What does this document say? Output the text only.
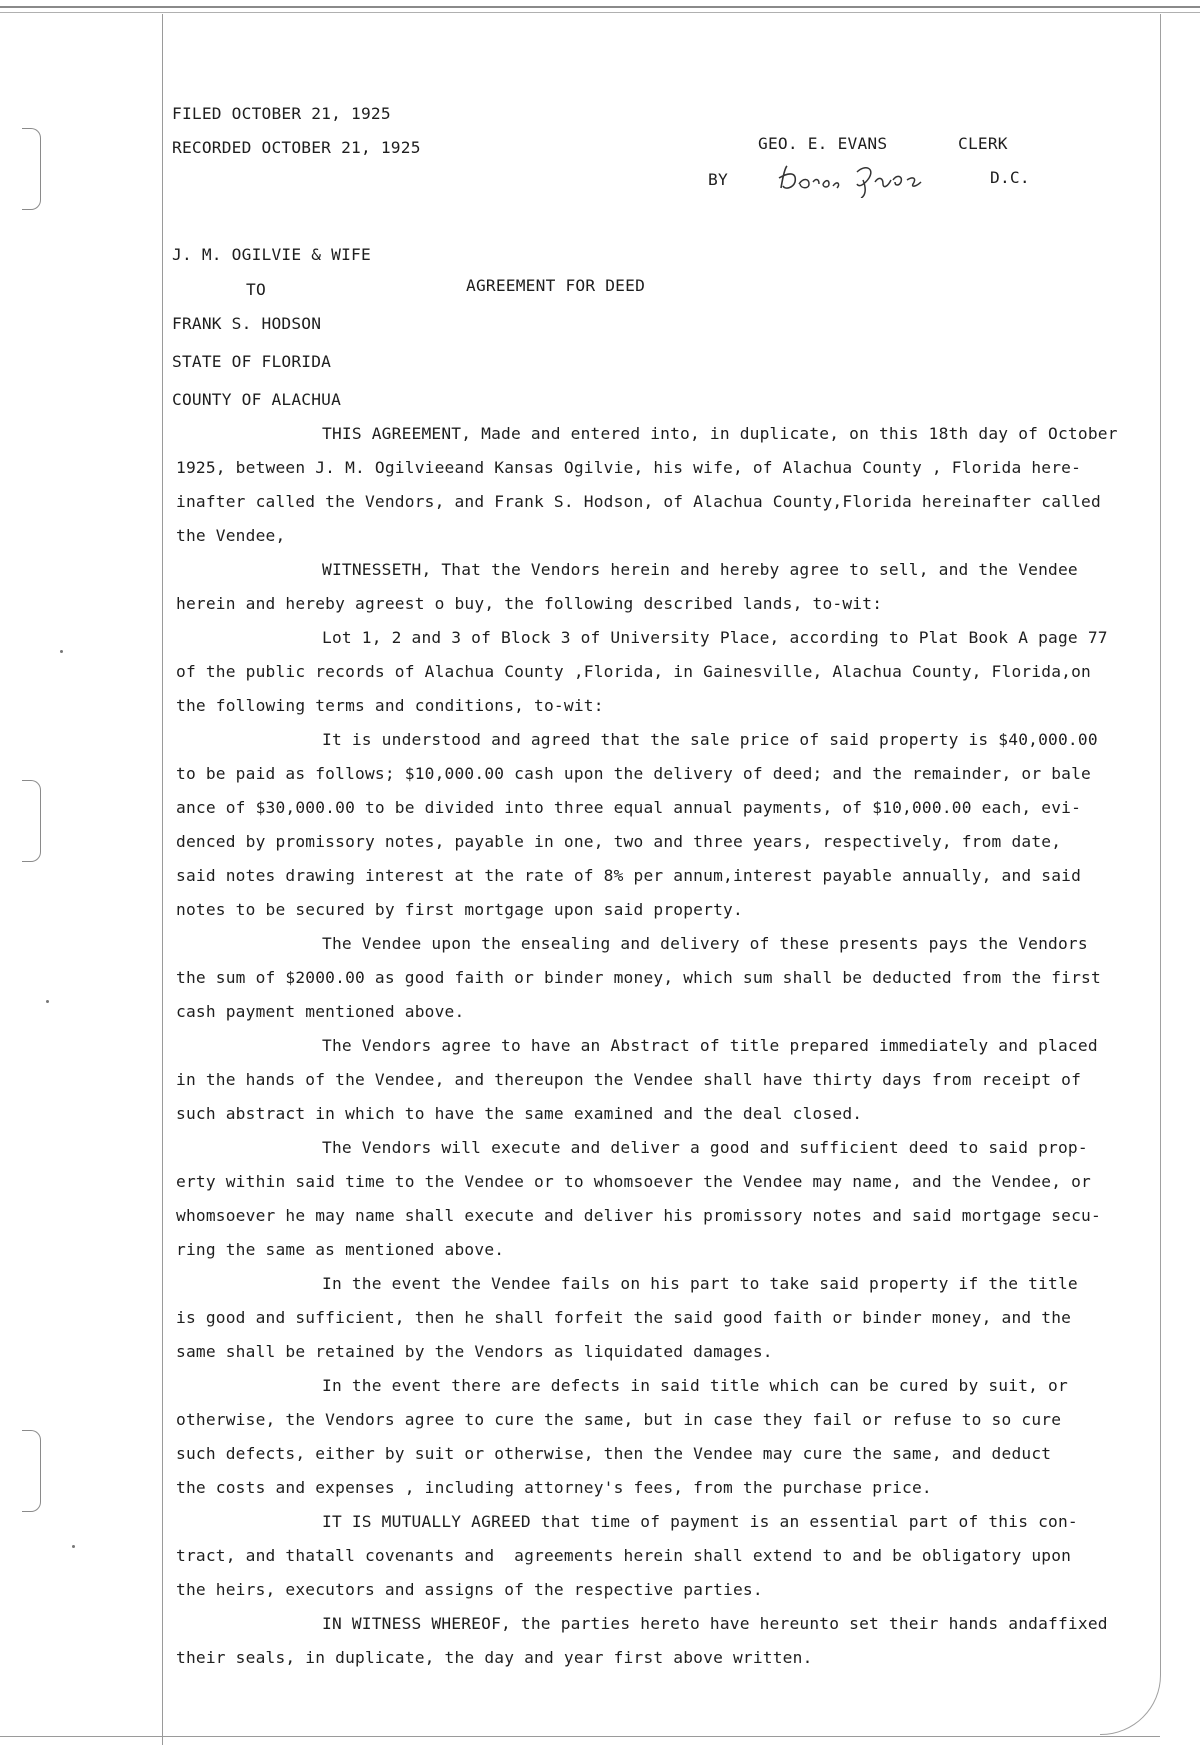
FILED OCTOBER 21, 1925
RECORDED OCTOBER 21, 1925	GEO. E. EVANS	CLERK
BY	D.C.
J. M. OGILVIE & WIFE
TO	AGREEMENT FOR DEED
FRANK S. HODSON
STATE OF FLORIDA
COUNTY OF ALACHUA
THIS AGREEMENT, Made and entered into, in duplicate, on this 18th day of October
1925, between J. M. Ogilvieeand Kansas Ogilvie, his wife, of Alachua County , Florida here-
inafter called the Vendors, and Frank S. Hodson, of Alachua County,Florida hereinafter called
the Vendee,
WITNESSETH, That the Vendors herein and hereby agree to sell, and the Vendee
herein and hereby agreest o buy, the following described lands, to-wit:
Lot 1, 2 and 3 of Block 3 of University Place, according to Plat Book A page 77
of the public records of Alachua County ,Florida, in Gainesville, Alachua County, Florida,on
the following terms and conditions, to-wit:
It is understood and agreed that the sale price of said property is $40,000.00
to be paid as follows; $10,000.00 cash upon the delivery of deed; and the remainder, or bale
ance of $30,000.00 to be divided into three equal annual payments, of $10,000.00 each, evi-
denced by promissory notes, payable in one, two and three years, respectively, from date,
said notes drawing interest at the rate of 8% per annum,interest payable annually, and said
notes to be secured by first mortgage upon said property.
The Vendee upon the ensealing and delivery of these presents pays the Vendors
the sum of $2000.00 as good faith or binder money, which sum shall be deducted from the first
cash payment mentioned above.
The Vendors agree to have an Abstract of title prepared immediately and placed
in the hands of the Vendee, and thereupon the Vendee shall have thirty days from receipt of
such abstract in which to have the same examined and the deal closed.
The Vendors will execute and deliver a good and sufficient deed to said prop-
erty within said time to the Vendee or to whomsoever the Vendee may name, and the Vendee, or
whomsoever he may name shall execute and deliver his promissory notes and said mortgage secu-
ring the same as mentioned above.
In the event the Vendee fails on his part to take said property if the title
is good and sufficient, then he shall forfeit the said good faith or binder money, and the
same shall be retained by the Vendors as liquidated damages.
In the event there are defects in said title which can be cured by suit, or
otherwise, the Vendors agree to cure the same, but in case they fail or refuse to so cure
such defects, either by suit or otherwise, then the Vendee may cure the same, and deduct
the costs and expenses , including attorney's fees, from the purchase price.
IT IS MUTUALLY AGREED that time of payment is an essential part of this con-
tract, and thatall covenants and  agreements herein shall extend to and be obligatory upon
the heirs, executors and assigns of the respective parties.
IN WITNESS WHEREOF, the parties hereto have hereunto set their hands andaffixed
their seals, in duplicate, the day and year first above written.
